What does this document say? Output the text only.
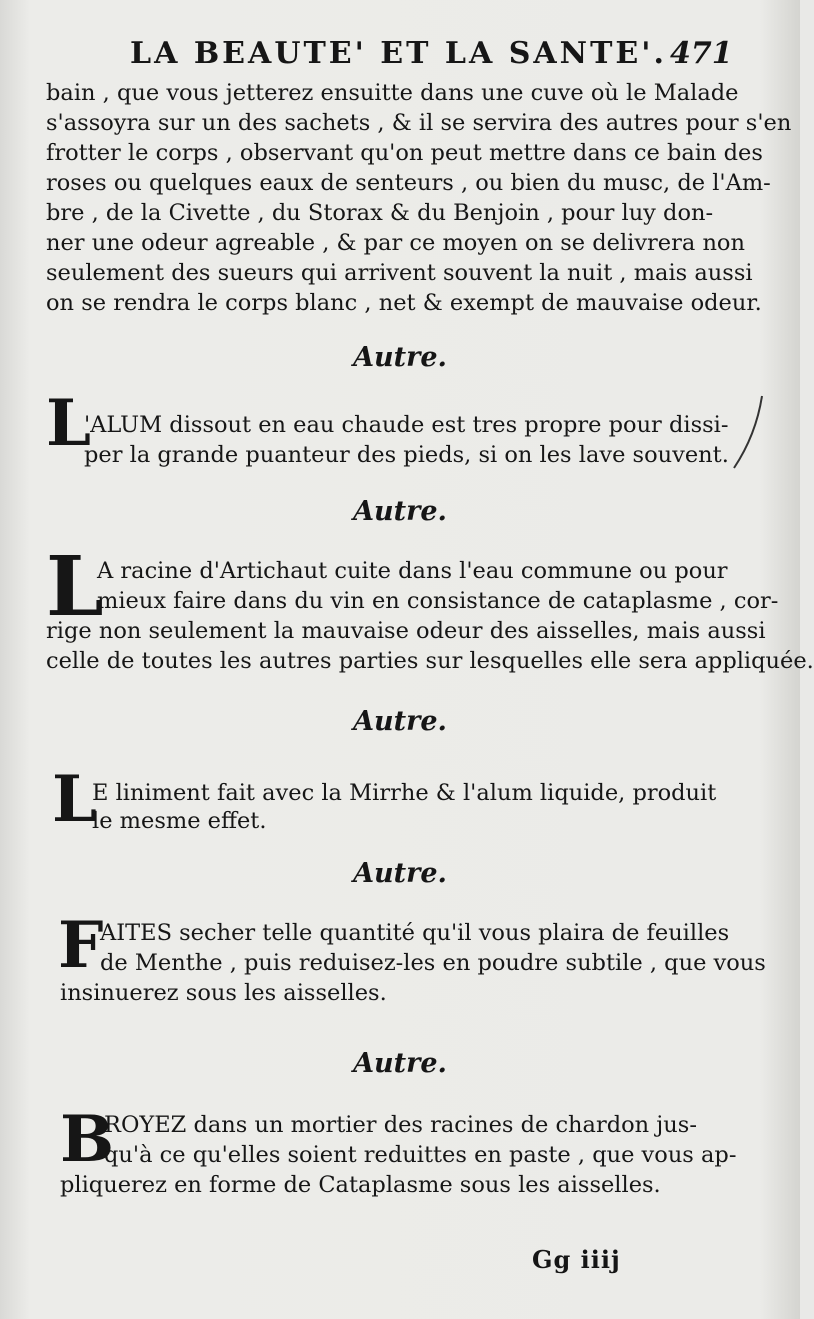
LA BEAUTE' ET LA SANTE'. 471
bain , que vous jetterez ensuitte dans une cuve où le Malade
s'assoyra sur un des sachets , & il se servira des autres pour s'en
frotter le corps , observant qu'on peut mettre dans ce bain des
roses ou quelques eaux de senteurs , ou bien du musc, de l'Am-
bre , de la Civette , du Storax & du Benjoin , pour luy don-
ner une odeur agreable , & par ce moyen on se delivrera non
seulement des sueurs qui arrivent souvent la nuit , mais aussi
on se rendra le corps blanc , net & exempt de mauvaise odeur.
Autre.
L
'ALUM dissout en eau chaude est tres propre pour dissi-
per la grande puanteur des pieds, si on les lave souvent.
Autre.
L
A racine d'Artichaut cuite dans l'eau commune ou pour
mieux faire dans du vin en consistance de cataplasme , cor-
rige non seulement la mauvaise odeur des aisselles, mais aussi
celle de toutes les autres parties sur lesquelles elle sera appliquée.
Autre.
L
E liniment fait avec la Mirrhe & l'alum liquide, produit
le mesme effet.
Autre.
F
AITES secher telle quantité qu'il vous plaira de feuilles
de Menthe , puis reduisez-les en poudre subtile , que vous
insinuerez sous les aisselles.
Autre.
B
ROYEZ dans un mortier des racines de chardon jus-
qu'à ce qu'elles soient reduittes en paste , que vous ap-
pliquerez en forme de Cataplasme sous les aisselles.
Gg iiij
